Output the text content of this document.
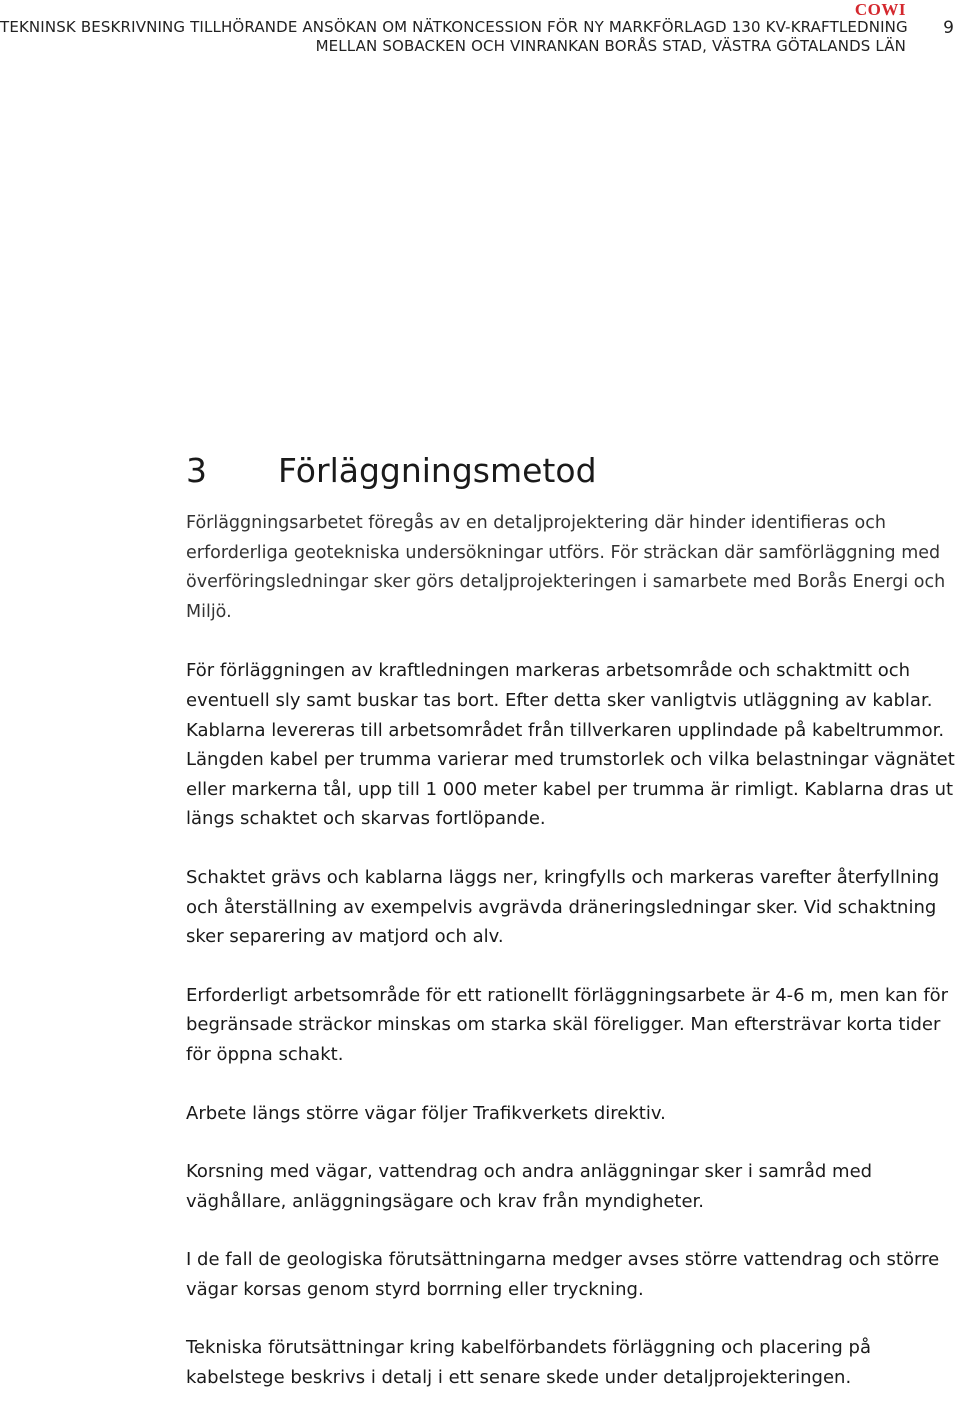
TEKNINSK BESKRIVNING TILLHÖRANDE ANSÖKAN OM NÄTKONCESSION FÖR NY MARKFÖRLAGD 130 KV-KRAFTLEDNING
MELLAN SOBACKEN OCH VINRANKAN BORÅS STAD, VÄSTRA GÖTALANDS LÄN
COWI
9
3 Förläggningsmetod

Förläggningsarbetet föregås av en detaljprojektering där hinder identifieras och erforderliga geotekniska undersökningar utförs. För sträckan där samförläggning med överföringsledningar sker görs detaljprojekteringen i samarbete med Borås Energi och Miljö.

För förläggningen av kraftledningen markeras arbetsområde och schaktmitt och eventuell sly samt buskar tas bort. Efter detta sker vanligtvis utläggning av kablar. Kablarna levereras till arbetsområdet från tillverkaren upplindade på kabeltrummor. Längden kabel per trumma varierar med trumstorlek och vilka belastningar vägnätet eller markerna tål, upp till 1 000 meter kabel per trumma är rimligt. Kablarna dras ut längs schaktet och skarvas fortlöpande.

Schaktet grävs och kablarna läggs ner, kringfylls och markeras varefter återfyllning och återställning av exempelvis avgrävda dräneringsledningar sker. Vid schaktning sker separering av matjord och alv.

Erforderligt arbetsområde för ett rationellt förläggningsarbete är 4-6 m, men kan för begränsade sträckor minskas om starka skäl föreligger. Man eftersträvar korta tider för öppna schakt.

Arbete längs större vägar följer Trafikverkets direktiv.

Korsning med vägar, vattendrag och andra anläggningar sker i samråd med väghållare, anläggningsägare och krav från myndigheter.

I de fall de geologiska förutsättningarna medger avses större vattendrag och större vägar korsas genom styrd borrning eller tryckning.

Tekniska förutsättningar kring kabelförbandets förläggning och placering på kabelstege beskrivs i detalj i ett senare skede under detaljprojekteringen.
